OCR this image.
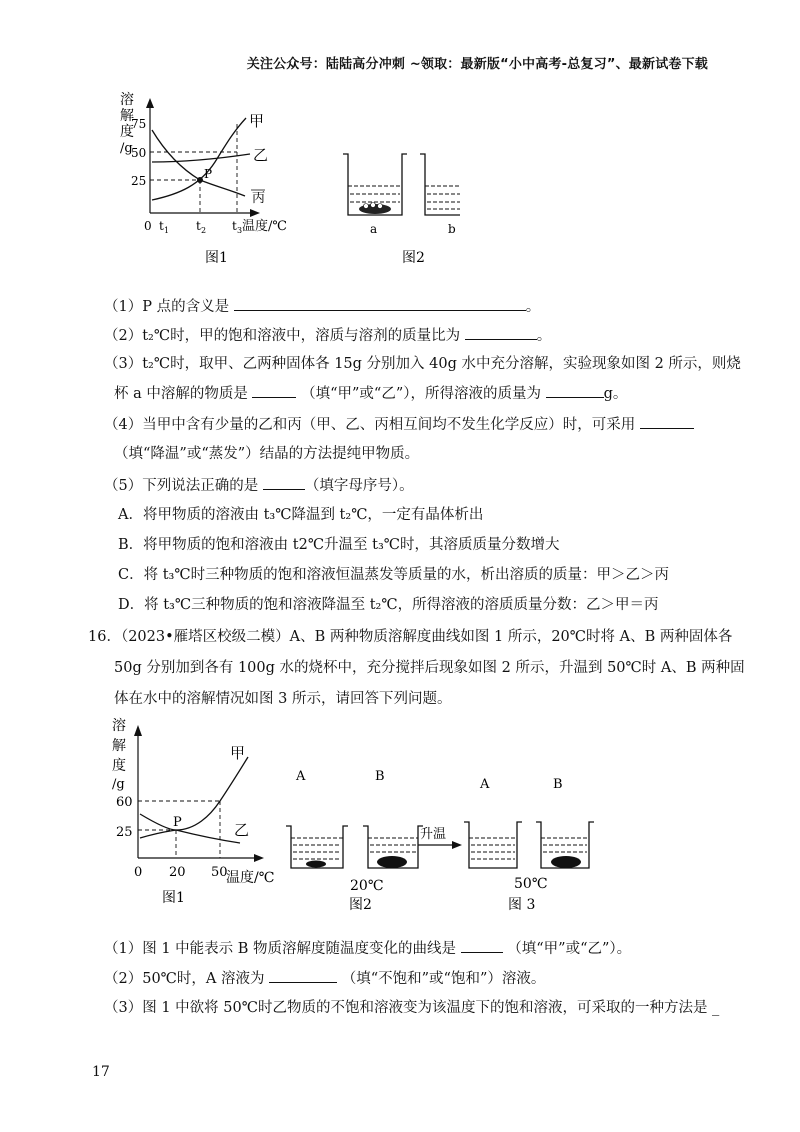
关注公众号：陆陆高分冲刺 ~领取：最新版“小中高考-总复习”、最新试卷下载
溶
解
度
/g
75
50
25
0 t 1 t 2 t 3 温度/℃
P
甲
乙
丙
图1
a	b
图2
（1）P 点的含义是	。
（2）t₂℃时，甲的饱和溶液中，溶质与溶剂的质量比为	。
（3）t₂℃时，取甲、乙两种固体各 15g 分别加入 40g 水中充分溶解，实验现象如图 2 所示，则烧
杯 a 中溶解的物质是	（填“甲”或“乙”），所得溶液的质量为	g。
（4）当甲中含有少量的乙和丙（甲、乙、丙相互间均不发生化学反应）时，可采用
（填“降温”或“蒸发”）结晶的方法提纯甲物质。
（5）下列说法正确的是	（填字母序号）。
A．将甲物质的溶液由 t₃℃降温到 t₂℃，一定有晶体析出
B．将甲物质的饱和溶液由 t2℃升温至 t₃℃时，其溶质质量分数增大
C．将 t₃℃时三种物质的饱和溶液恒温蒸发等质量的水，析出溶质的质量：甲＞乙＞丙
D．将 t₃℃三种物质的饱和溶液降温至 t₂℃，所得溶液的溶质质量分数：乙＞甲＝丙
16．（2023•雁塔区校级二模）A、B 两种物质溶解度曲线如图 1 所示，20℃时将 A、B 两种固体各
50g 分别加到各有 100g 水的烧杯中，充分搅拌后现象如图 2 所示，升温到 50℃时 A、B 两种固
体在水中的溶解情况如图 3 所示，请回答下列问题。
溶
解
度
/g
60
25
0 20 50
温度/℃
P
甲
乙
图1
A	B
20℃
图2
升温
A	B
50℃
图 3
（1）图 1 中能表示 B 物质溶解度随温度变化的曲线是	（填“甲”或“乙”）。
（2）50℃时，A 溶液为	（填“不饱和”或“饱和”）溶液。
（3）图 1 中欲将 50℃时乙物质的不饱和溶液变为该温度下的饱和溶液，可采取的一种方法是 _
17
